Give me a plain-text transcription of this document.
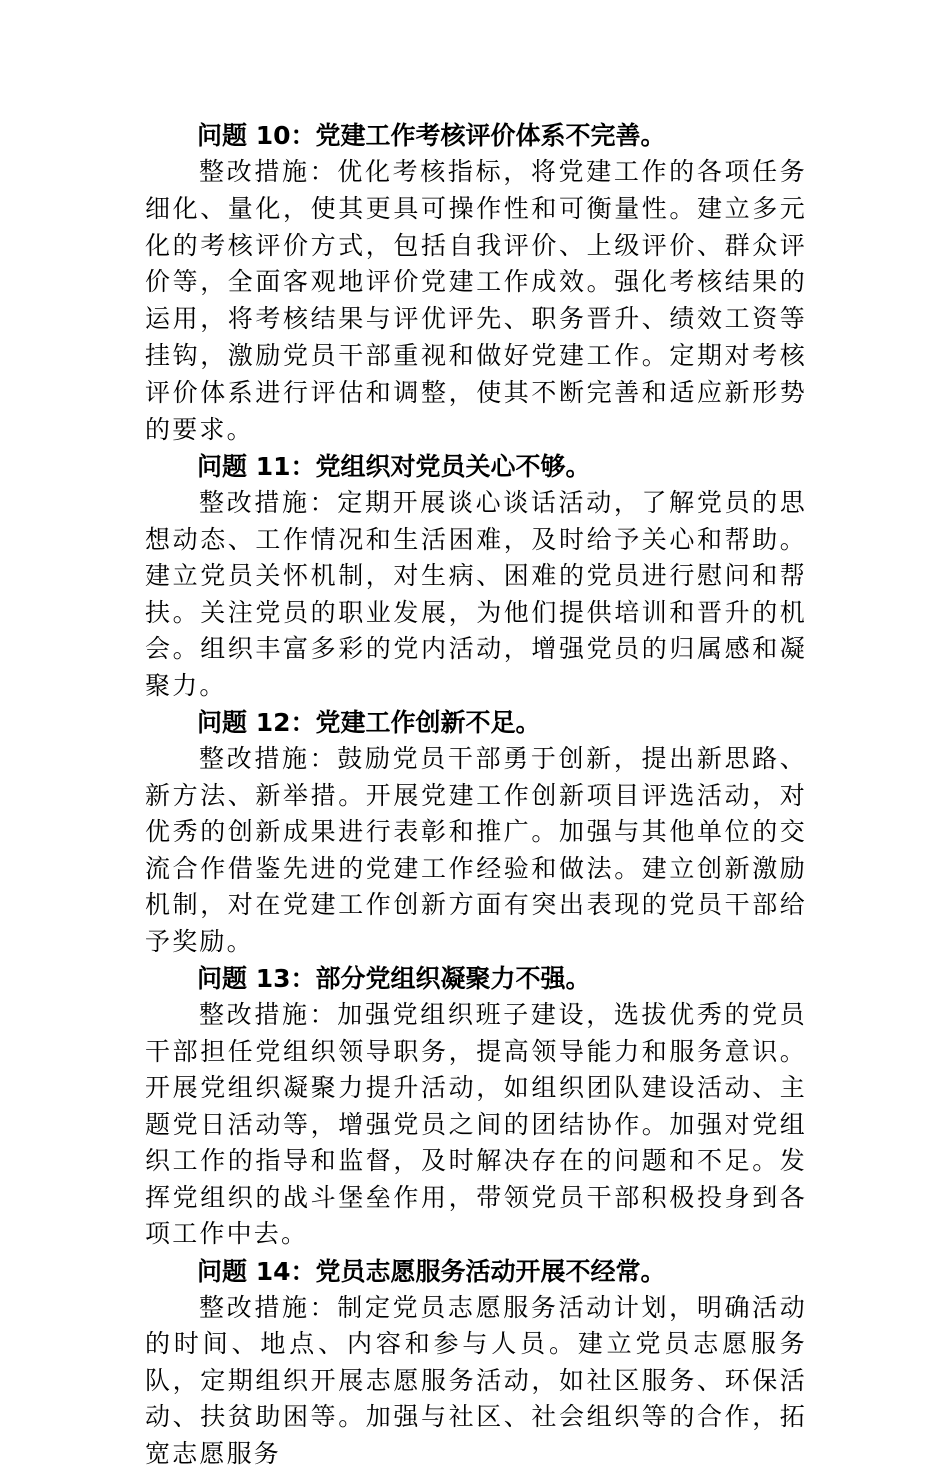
问题 10：党建工作考核评价体系不完善。

整改措施：优化考核指标，将党建工作的各项任务细化、量化，使其更具可操作性和可衡量性。建立多元化的考核评价方式，包括自我评价、上级评价、群众评价等，全面客观地评价党建工作成效。强化考核结果的运用，将考核结果与评优评先、职务晋升、绩效工资等挂钩，激励党员干部重视和做好党建工作。定期对考核评价体系进行评估和调整，使其不断完善和适应新形势的要求。

问题 11：党组织对党员关心不够。

整改措施：定期开展谈心谈话活动，了解党员的思想动态、工作情况和生活困难，及时给予关心和帮助。建立党员关怀机制，对生病、困难的党员进行慰问和帮扶。关注党员的职业发展，为他们提供培训和晋升的机会。组织丰富多彩的党内活动，增强党员的归属感和凝聚力。

问题 12：党建工作创新不足。

整改措施：鼓励党员干部勇于创新，提出新思路、新方法、新举措。开展党建工作创新项目评选活动，对优秀的创新成果进行表彰和推广。加强与其他单位的交流合作借鉴先进的党建工作经验和做法。建立创新激励机制，对在党建工作创新方面有突出表现的党员干部给予奖励。

问题 13：部分党组织凝聚力不强。

整改措施：加强党组织班子建设，选拔优秀的党员干部担任党组织领导职务，提高领导能力和服务意识。开展党组织凝聚力提升活动，如组织团队建设活动、主题党日活动等，增强党员之间的团结协作。加强对党组织工作的指导和监督，及时解决存在的问题和不足。发挥党组织的战斗堡垒作用，带领党员干部积极投身到各项工作中去。

问题 14：党员志愿服务活动开展不经常。

整改措施：制定党员志愿服务活动计划，明确活动的时间、地点、内容和参与人员。建立党员志愿服务队，定期组织开展志愿服务活动，如社区服务、环保活动、扶贫助困等。加强与社区、社会组织等的合作，拓宽志愿服务
